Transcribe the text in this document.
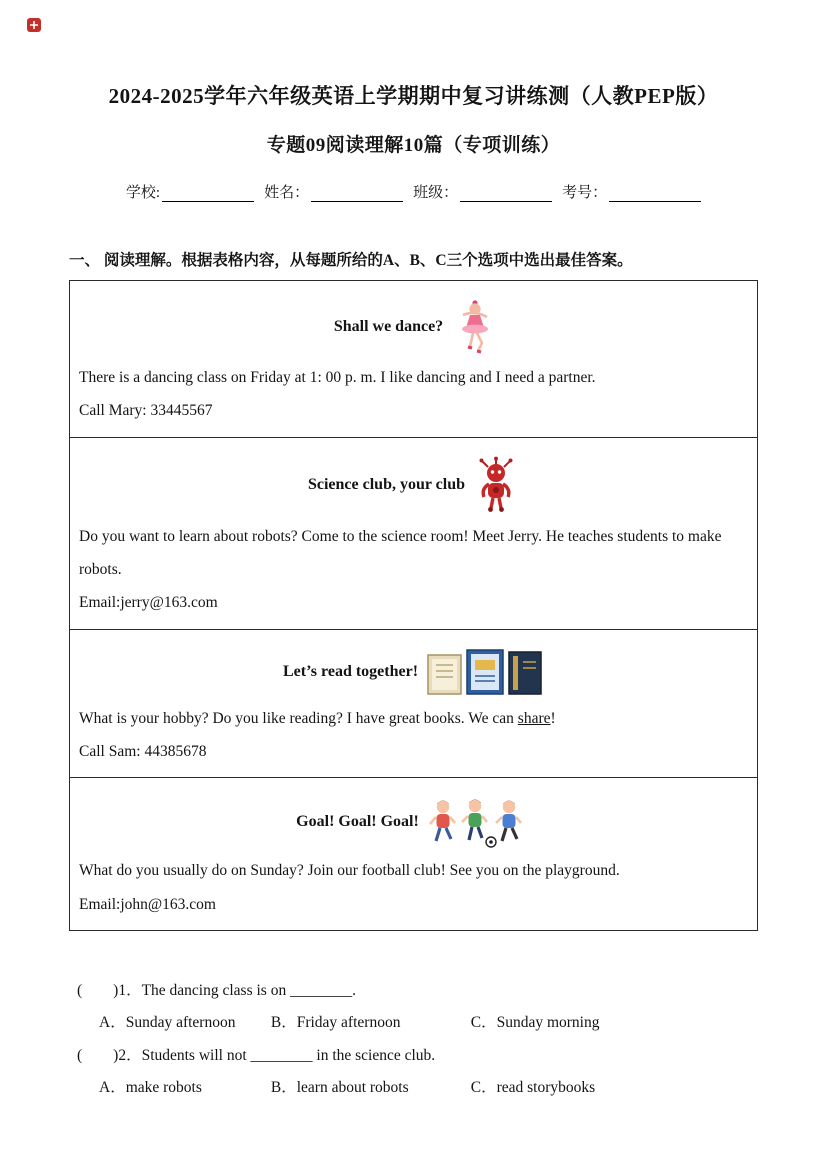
2024-2025学年六年级英语上学期期中复习讲练测（人教PEP版）
专题09阅读理解10篇（专项训练）
学校:	姓名：	班级：	考号：
一、 阅读理解。根据表格内容，从每题所给的A、B、C三个选项中选出最佳答案。
Shall we dance?

There is a dancing class on Friday at 1: 00 p. m. I like dancing and I need a partner.

Call Mary: 33445567

Science club, your club

Do you want to learn about robots? Come to the science room! Meet Jerry. He teaches students to make robots.

Email:jerry@163.com

Let’s read together!

What is your hobby? Do you like reading? I have great books. We can share!

Call Sam: 44385678

Goal! Goal! Goal!

What do you usually do on Sunday? Join our football club! See you on the playground.

Email:john@163.com

(　　)1．The dancing class is on ________.
A．Sunday afternoon B．Friday afternoon	C．Sunday morning
(　　)2．Students will not ________ in the science club.
A．make robots	B．learn about robots	C．read storybooks
